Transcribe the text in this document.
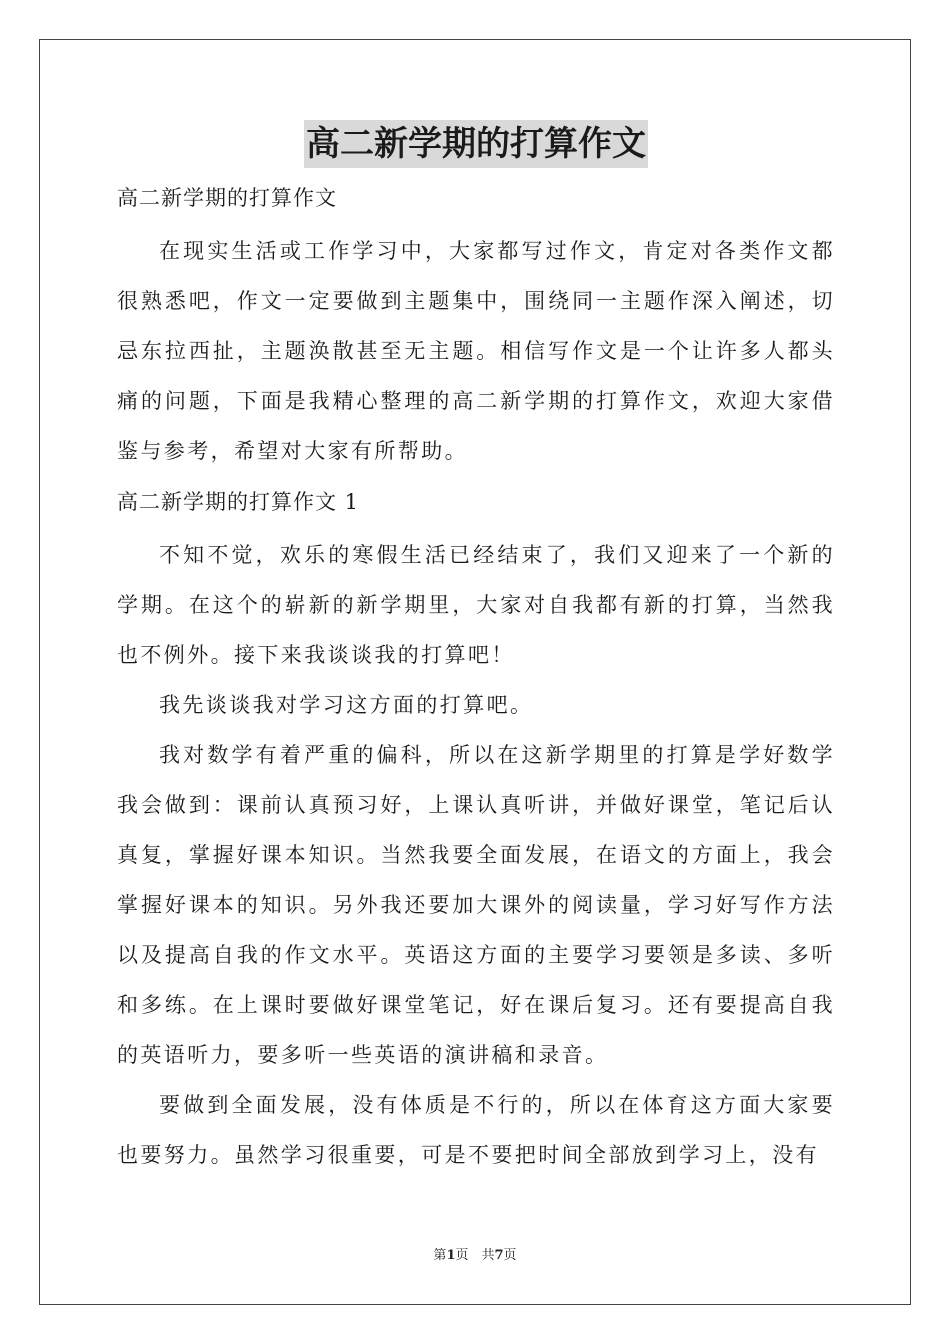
高二新学期的打算作文
高二新学期的打算作文

在现实生活或工作学习中，大家都写过作文，肯定对各类作文都很熟悉吧，作文一定要做到主题集中，围绕同一主题作深入阐述，切忌东拉西扯，主题涣散甚至无主题。相信写作文是一个让许多人都头痛的问题，下面是我精心整理的高二新学期的打算作文，欢迎大家借鉴与参考，希望对大家有所帮助。

高二新学期的打算作文 1

不知不觉，欢乐的寒假生活已经结束了，我们又迎来了一个新的学期。在这个的崭新的新学期里，大家对自我都有新的打算，当然我也不例外。接下来我谈谈我的打算吧！

我先谈谈我对学习这方面的打算吧。

我对数学有着严重的偏科，所以在这新学期里的打算是学好数学我会做到：课前认真预习好，上课认真听讲，并做好课堂，笔记后认真复，掌握好课本知识。当然我要全面发展，在语文的方面上，我会掌握好课本的知识。另外我还要加大课外的阅读量，学习好写作方法以及提高自我的作文水平。英语这方面的主要学习要领是多读、多听和多练。在上课时要做好课堂笔记，好在课后复习。还有要提高自我的英语听力，要多听一些英语的演讲稿和录音。

要做到全面发展，没有体质是不行的，所以在体育这方面大家要也要努力。虽然学习很重要，可是不要把时间全部放到学习上，没有

第1页　共7页
